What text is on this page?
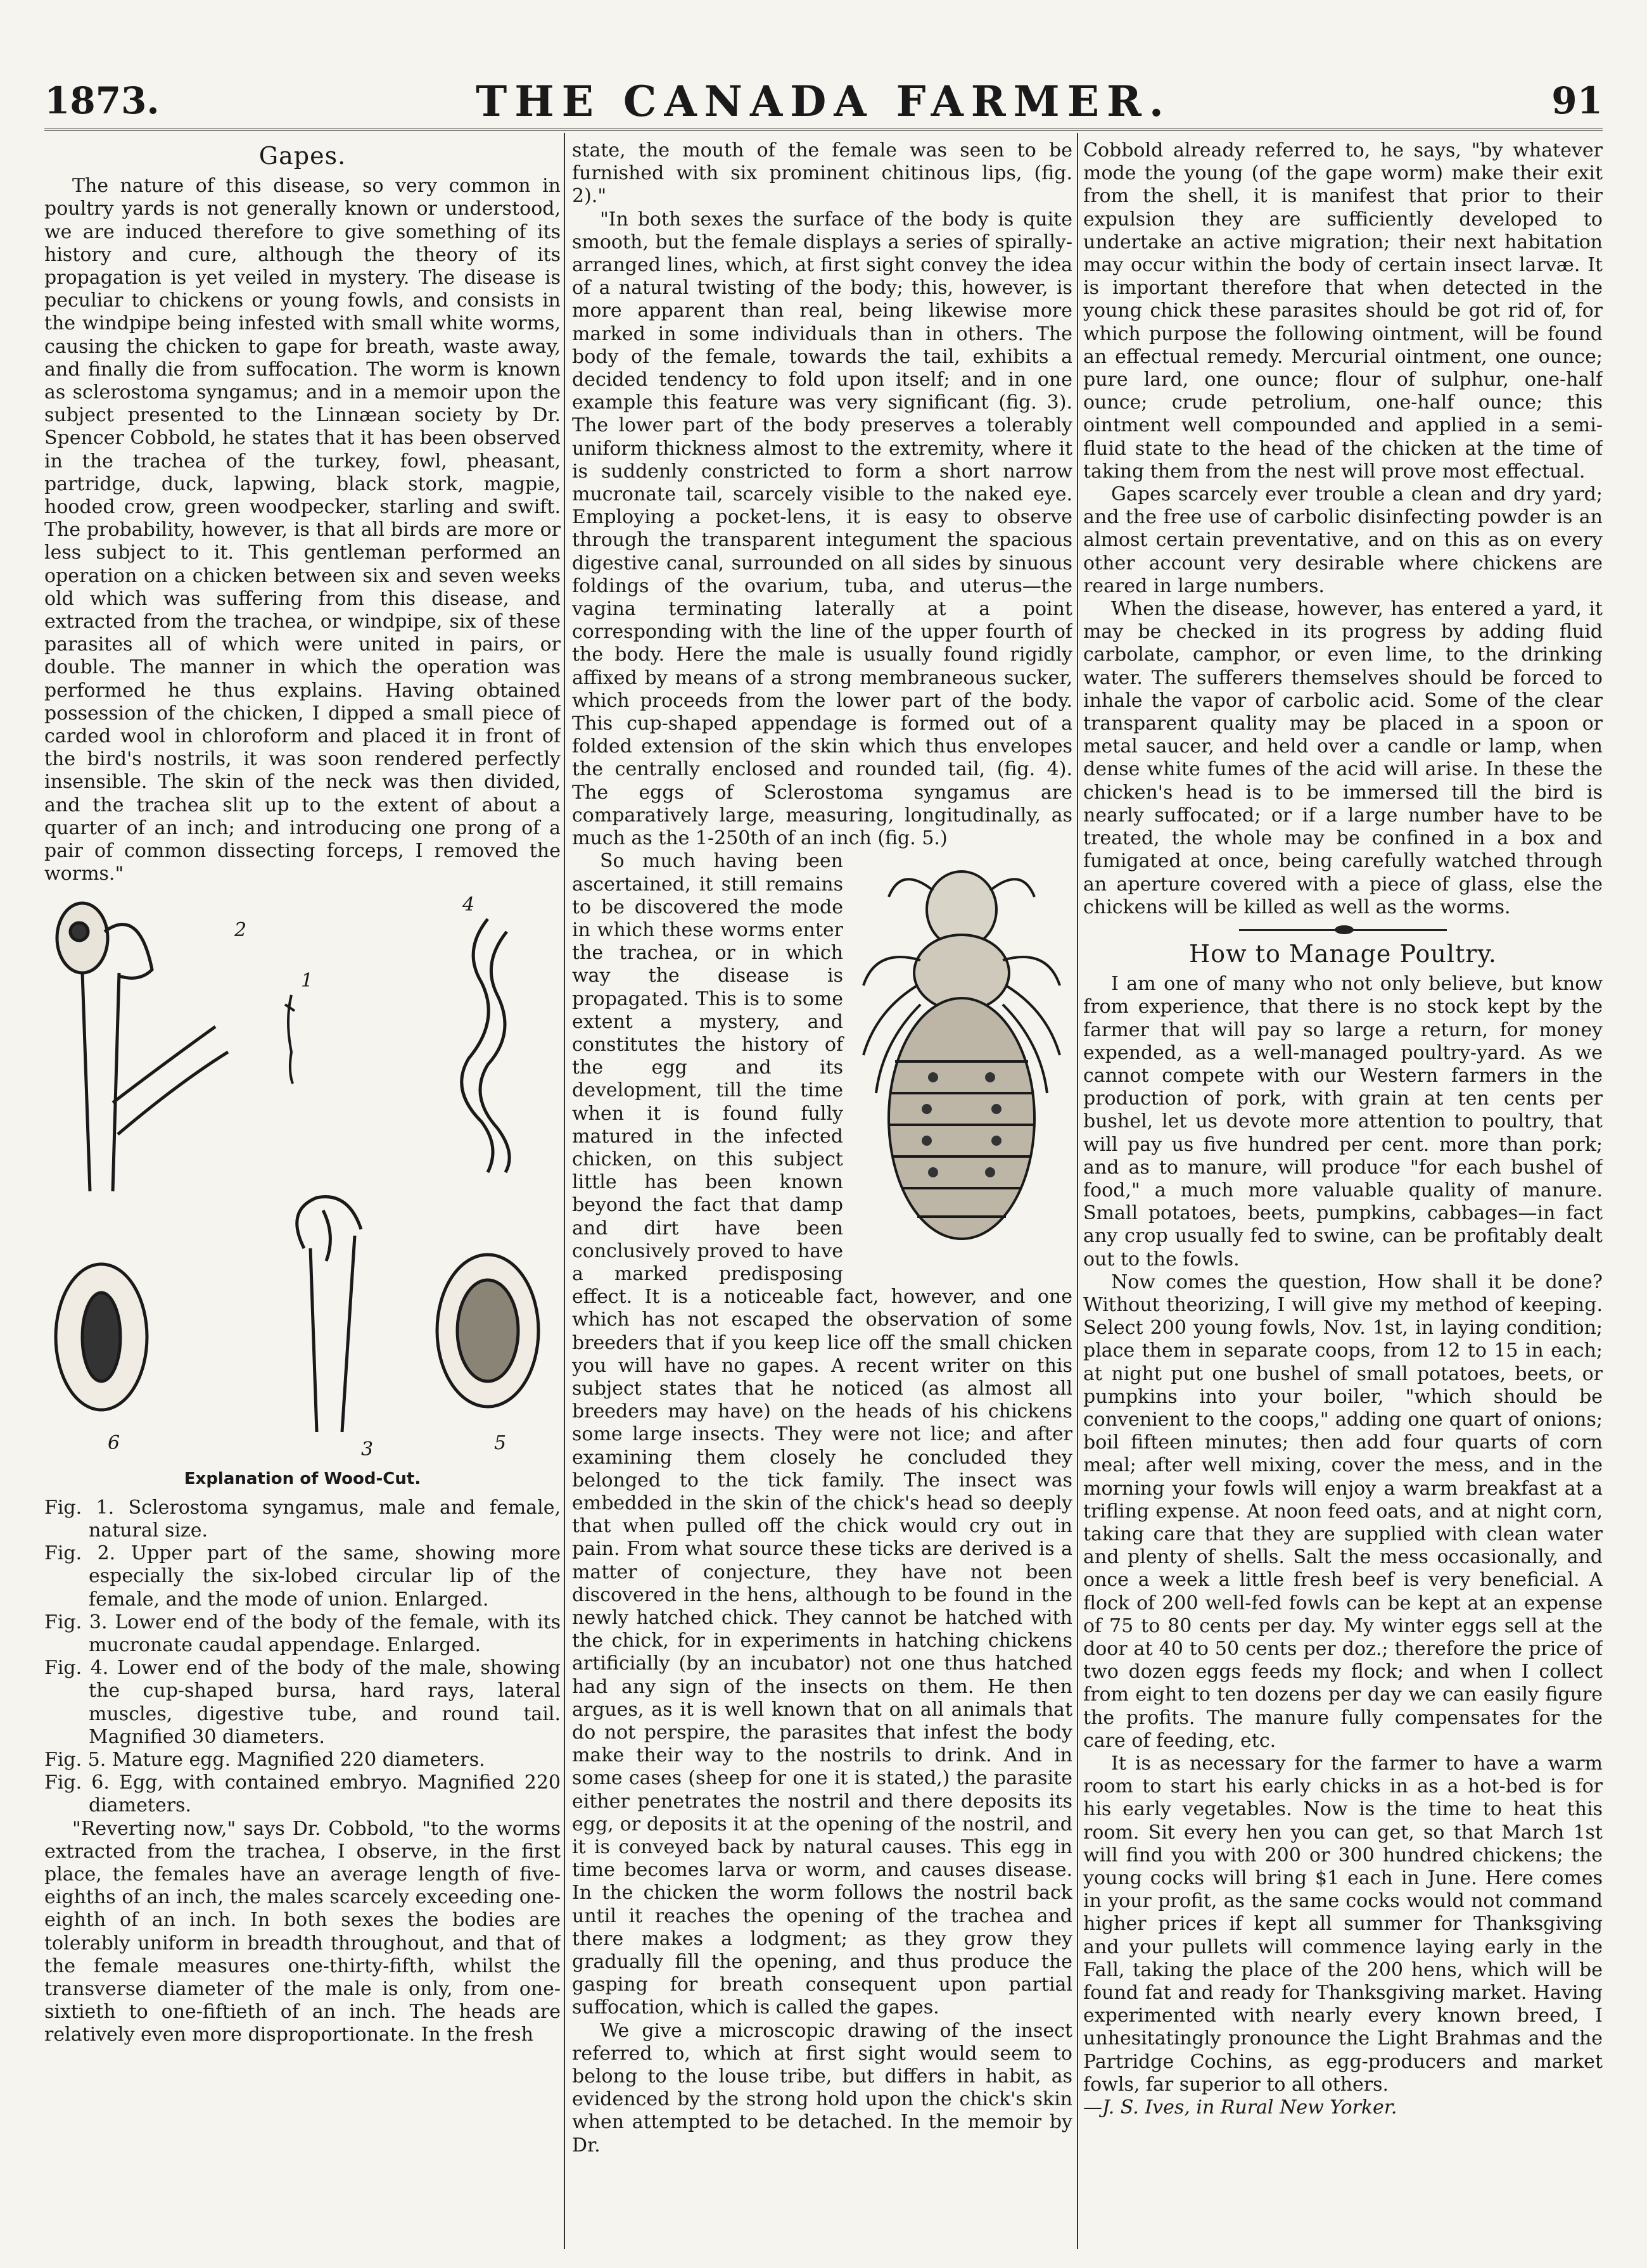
1873.	THE CANADA FARMER.	91
Gapes.

The nature of this disease, so very common in poultry yards is not generally known or understood, we are induced therefore to give something of its history and cure, although the theory of its propagation is yet veiled in mystery. The disease is peculiar to chickens or young fowls, and consists in the windpipe being infested with small white worms, causing the chicken to gape for breath, waste away, and finally die from suffocation. The worm is known as sclerostoma syngamus; and in a memoir upon the subject presented to the Linnæan society by Dr. Spencer Cobbold, he states that it has been observed in the trachea of the turkey, fowl, pheasant, partridge, duck, lapwing, black stork, magpie, hooded crow, green woodpecker, starling and swift. The probability, however, is that all birds are more or less subject to it. This gentleman performed an operation on a chicken between six and seven weeks old which was suffering from this disease, and extracted from the trachea, or windpipe, six of these parasites all of which were united in pairs, or double. The manner in which the operation was performed he thus explains. Having obtained possession of the chicken, I dipped a small piece of carded wool in chloroform and placed it in front of the bird's nostrils, it was soon rendered perfectly insensible. The skin of the neck was then divided, and the trachea slit up to the extent of about a quarter of an inch; and introducing one prong of a pair of common dissecting forceps, I removed the worms."

2
1
4
3
6	5
Explanation of Wood-Cut.
Fig. 1. Sclerostoma syngamus, male and female, natural size.
Fig. 2. Upper part of the same, showing more especially the six-lobed circular lip of the female, and the mode of union. Enlarged.
Fig. 3. Lower end of the body of the female, with its mucronate caudal appendage. Enlarged.
Fig. 4. Lower end of the body of the male, showing the cup-shaped bursa, hard rays, lateral muscles, digestive tube, and round tail. Magnified 30 diameters.
Fig. 5. Mature egg. Magnified 220 diameters.
Fig. 6. Egg, with contained embryo. Magnified 220 diameters.

"Reverting now," says Dr. Cobbold, "to the worms extracted from the trachea, I observe, in the first place, the females have an average length of five-eighths of an inch, the males scarcely exceeding one-eighth of an inch. In both sexes the bodies are tolerably uniform in breadth throughout, and that of the female measures one-thirty-fifth, whilst the transverse diameter of the male is only, from one-sixtieth to one-fiftieth of an inch. The heads are relatively even more disproportionate. In the fresh

state, the mouth of the female was seen to be furnished with six prominent chitinous lips, (fig. 2)."

"In both sexes the surface of the body is quite smooth, but the female displays a series of spirally-arranged lines, which, at first sight convey the idea of a natural twisting of the body; this, however, is more apparent than real, being likewise more marked in some individuals than in others. The body of the female, towards the tail, exhibits a decided tendency to fold upon itself; and in one example this feature was very significant (fig. 3). The lower part of the body preserves a tolerably uniform thickness almost to the extremity, where it is suddenly constricted to form a short narrow mucronate tail, scarcely visible to the naked eye. Employing a pocket-lens, it is easy to observe through the transparent integument the spacious digestive canal, surrounded on all sides by sinuous foldings of the ovarium, tuba, and uterus—the vagina terminating laterally at a point corresponding with the line of the upper fourth of the body. Here the male is usually found rigidly affixed by means of a strong membraneous sucker, which proceeds from the lower part of the body. This cup-shaped appendage is formed out of a folded extension of the skin which thus envelopes the centrally enclosed and rounded tail, (fig. 4). The eggs of Sclerostoma syngamus are comparatively large, measuring, longitudinally, as much as the 1-250th of an inch (fig. 5.)

So much having been ascertained, it still remains to be discovered the mode in which these worms enter the trachea, or in which way the disease is propagated. This is to some extent a mystery, and constitutes the history of the egg and its development, till the time when it is found fully matured in the infected chicken, on this subject little has been known beyond the fact that damp and dirt have been conclusively proved to have a marked predisposing effect. It is a noticeable fact, however, and one which has not escaped the observation of some breeders that if you keep lice off the small chicken you will have no gapes. A recent writer on this subject states that he noticed (as almost all breeders may have) on the heads of his chickens some large insects. They were not lice; and after examining them closely he concluded they belonged to the tick family. The insect was embedded in the skin of the chick's head so deeply that when pulled off the chick would cry out in pain. From what source these ticks are derived is a matter of conjecture, they have not been discovered in the hens, although to be found in the newly hatched chick. They cannot be hatched with the chick, for in experiments in hatching chickens artificially (by an incubator) not one thus hatched had any sign of the insects on them. He then argues, as it is well known that on all animals that do not perspire, the parasites that infest the body make their way to the nostrils to drink. And in some cases (sheep for one it is stated,) the parasite either penetrates the nostril and there deposits its egg, or deposits it at the opening of the nostril, and it is conveyed back by natural causes. This egg in time becomes larva or worm, and causes disease. In the chicken the worm follows the nostril back until it reaches the opening of the trachea and there makes a lodgment; as they grow they gradually fill the opening, and thus produce the gasping for breath consequent upon partial suffocation, which is called the gapes.

We give a microscopic drawing of the insect referred to, which at first sight would seem to belong to the louse tribe, but differs in habit, as evidenced by the strong hold upon the chick's skin when attempted to be detached. In the memoir by Dr.

Cobbold already referred to, he says, "by whatever mode the young (of the gape worm) make their exit from the shell, it is manifest that prior to their expulsion they are sufficiently developed to undertake an active migration; their next habitation may occur within the body of certain insect larvæ. It is important therefore that when detected in the young chick these parasites should be got rid of, for which purpose the following ointment, will be found an effectual remedy. Mercurial ointment, one ounce; pure lard, one ounce; flour of sulphur, one-half ounce; crude petrolium, one-half ounce; this ointment well compounded and applied in a semi-fluid state to the head of the chicken at the time of taking them from the nest will prove most effectual.

Gapes scarcely ever trouble a clean and dry yard; and the free use of carbolic disinfecting powder is an almost certain preventative, and on this as on every other account very desirable where chickens are reared in large numbers.

When the disease, however, has entered a yard, it may be checked in its progress by adding fluid carbolate, camphor, or even lime, to the drinking water. The sufferers themselves should be forced to inhale the vapor of carbolic acid. Some of the clear transparent quality may be placed in a spoon or metal saucer, and held over a candle or lamp, when dense white fumes of the acid will arise. In these the chicken's head is to be immersed till the bird is nearly suffocated; or if a large number have to be treated, the whole may be confined in a box and fumigated at once, being carefully watched through an aperture covered with a piece of glass, else the chickens will be killed as well as the worms.

How to Manage Poultry.

I am one of many who not only believe, but know from experience, that there is no stock kept by the farmer that will pay so large a return, for money expended, as a well-managed poultry-yard. As we cannot compete with our Western farmers in the production of pork, with grain at ten cents per bushel, let us devote more attention to poultry, that will pay us five hundred per cent. more than pork; and as to manure, will produce "for each bushel of food," a much more valuable quality of manure. Small potatoes, beets, pumpkins, cabbages—in fact any crop usually fed to swine, can be profitably dealt out to the fowls.

Now comes the question, How shall it be done? Without theorizing, I will give my method of keeping. Select 200 young fowls, Nov. 1st, in laying condition; place them in separate coops, from 12 to 15 in each; at night put one bushel of small potatoes, beets, or pumpkins into your boiler, "which should be convenient to the coops," adding one quart of onions; boil fifteen minutes; then add four quarts of corn meal; after well mixing, cover the mess, and in the morning your fowls will enjoy a warm breakfast at a trifling expense. At noon feed oats, and at night corn, taking care that they are supplied with clean water and plenty of shells. Salt the mess occasionally, and once a week a little fresh beef is very beneficial. A flock of 200 well-fed fowls can be kept at an expense of 75 to 80 cents per day. My winter eggs sell at the door at 40 to 50 cents per doz.; therefore the price of two dozen eggs feeds my flock; and when I collect from eight to ten dozens per day we can easily figure the profits. The manure fully compensates for the care of feeding, etc.

It is as necessary for the farmer to have a warm room to start his early chicks in as a hot-bed is for his early vegetables. Now is the time to heat this room. Sit every hen you can get, so that March 1st will find you with 200 or 300 hundred chickens; the young cocks will bring $1 each in June. Here comes in your profit, as the same cocks would not command higher prices if kept all summer for Thanksgiving and your pullets will commence laying early in the Fall, taking the place of the 200 hens, which will be found fat and ready for Thanksgiving market. Having experimented with nearly every known breed, I unhesitatingly pronounce the Light Brahmas and the Partridge Cochins, as egg-producers and market fowls, far superior to all others.

—J. S. Ives, in Rural New Yorker.
